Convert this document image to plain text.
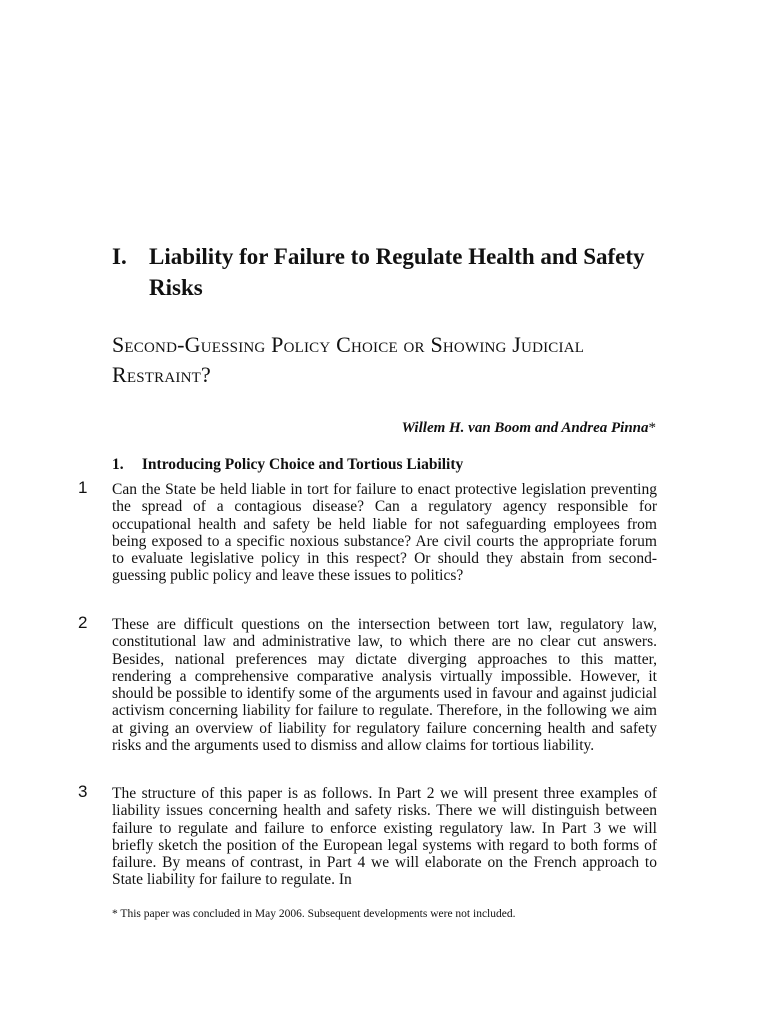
I. Liability for Failure to Regulate Health and Safety Risks
Second-Guessing Policy Choice or Showing Judicial Restraint?
Willem H. van Boom and Andrea Pinna*
1. Introducing Policy Choice and Tortious Liability
1 Can the State be held liable in tort for failure to enact protective legislation preventing the spread of a contagious disease? Can a regulatory agency responsible for occupational health and safety be held liable for not safeguarding employees from being exposed to a specific noxious substance? Are civil courts the appropriate forum to evaluate legislative policy in this respect? Or should they abstain from second-guessing public policy and leave these issues to politics?
2 These are difficult questions on the intersection between tort law, regulatory law, constitutional law and administrative law, to which there are no clear cut answers. Besides, national preferences may dictate diverging approaches to this matter, rendering a comprehensive comparative analysis virtually impossible. However, it should be possible to identify some of the arguments used in favour and against judicial activism concerning liability for failure to regulate. Therefore, in the following we aim at giving an overview of liability for regulatory failure concerning health and safety risks and the arguments used to dismiss and allow claims for tortious liability.
3 The structure of this paper is as follows. In Part 2 we will present three examples of liability issues concerning health and safety risks. There we will distinguish between failure to regulate and failure to enforce existing regulatory law. In Part 3 we will briefly sketch the position of the European legal systems with regard to both forms of failure. By means of contrast, in Part 4 we will elaborate on the French approach to State liability for failure to regulate. In
* This paper was concluded in May 2006. Subsequent developments were not included.
